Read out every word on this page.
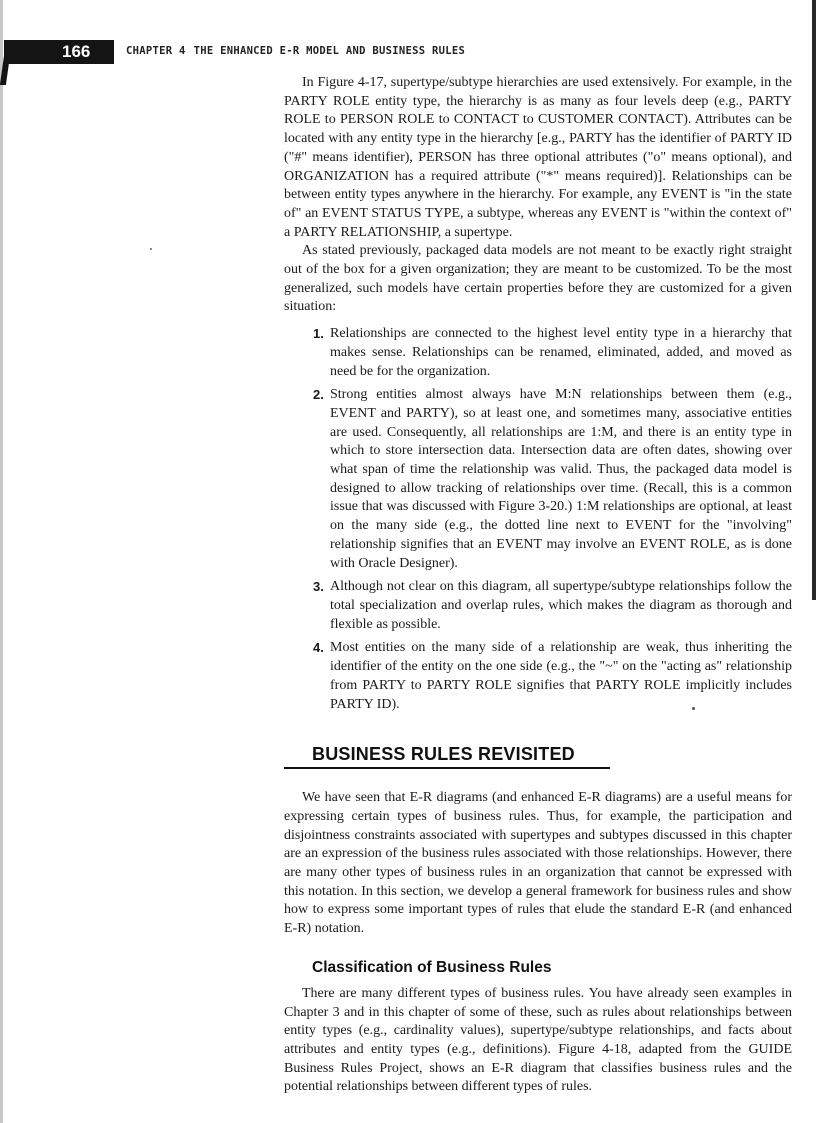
166	CHAPTER 4 THE ENHANCED E-R MODEL AND BUSINESS RULES

In Figure 4-17, supertype/subtype hierarchies are used extensively. For example, in the PARTY ROLE entity type, the hierarchy is as many as four levels deep (e.g., PARTY ROLE to PERSON ROLE to CONTACT to CUSTOMER CONTACT). Attributes can be located with any entity type in the hierarchy [e.g., PARTY has the identifier of PARTY ID ("#" means identifier), PERSON has three optional attributes ("o" means optional), and ORGANIZATION has a required attribute ("*" means required)]. Relationships can be between entity types anywhere in the hierarchy. For example, any EVENT is "in the state of" an EVENT STATUS TYPE, a subtype, whereas any EVENT is "within the context of" a PARTY RELATIONSHIP, a supertype.

As stated previously, packaged data models are not meant to be exactly right straight out of the box for a given organization; they are meant to be customized. To be the most generalized, such models have certain properties before they are customized for a given situation:

1. Relationships are connected to the highest level entity type in a hierarchy that makes sense. Relationships can be renamed, eliminated, added, and moved as need be for the organization.
2. Strong entities almost always have M:N relationships between them (e.g., EVENT and PARTY), so at least one, and sometimes many, associative entities are used. Consequently, all relationships are 1:M, and there is an entity type in which to store intersection data. Intersection data are often dates, showing over what span of time the relationship was valid. Thus, the packaged data model is designed to allow tracking of relationships over time. (Recall, this is a common issue that was discussed with Figure 3-20.) 1:M relationships are optional, at least on the many side (e.g., the dotted line next to EVENT for the "involving" relationship signifies that an EVENT may involve an EVENT ROLE, as is done with Oracle Designer).
3. Although not clear on this diagram, all supertype/subtype relationships follow the total specialization and overlap rules, which makes the diagram as thorough and flexible as possible.
4. Most entities on the many side of a relationship are weak, thus inheriting the identifier of the entity on the one side (e.g., the "~" on the "acting as" relationship from PARTY to PARTY ROLE signifies that PARTY ROLE implicitly includes PARTY ID).
BUSINESS RULES REVISITED

We have seen that E-R diagrams (and enhanced E-R diagrams) are a useful means for expressing certain types of business rules. Thus, for example, the participation and disjointness constraints associated with supertypes and subtypes discussed in this chapter are an expression of the business rules associated with those relationships. However, there are many other types of business rules in an organization that cannot be expressed with this notation. In this section, we develop a general framework for business rules and show how to express some important types of rules that elude the standard E-R (and enhanced E-R) notation.

Classification of Business Rules

There are many different types of business rules. You have already seen examples in Chapter 3 and in this chapter of some of these, such as rules about relationships between entity types (e.g., cardinality values), supertype/subtype relationships, and facts about attributes and entity types (e.g., definitions). Figure 4-18, adapted from the GUIDE Business Rules Project, shows an E-R diagram that classifies business rules and the potential relationships between different types of rules.
